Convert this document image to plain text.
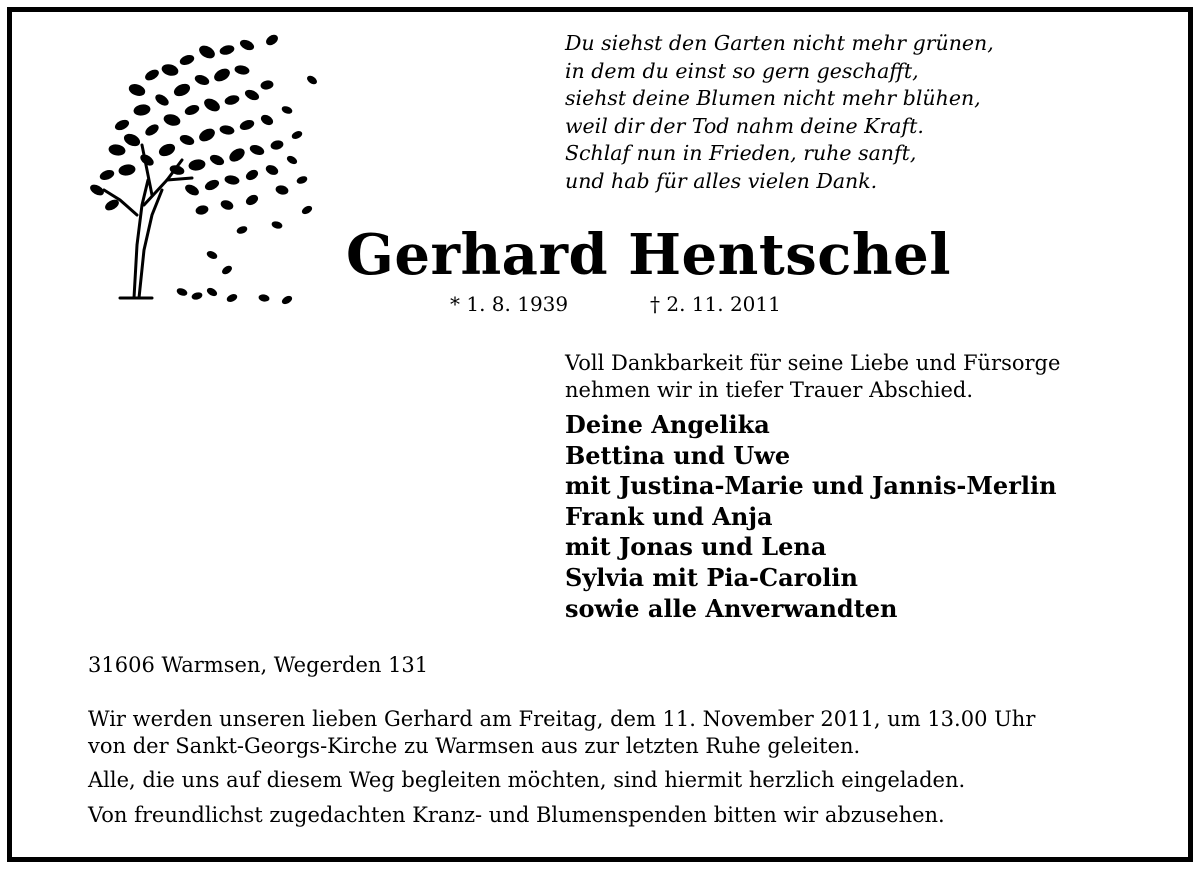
Du siehst den Garten nicht mehr grünen,
in dem du einst so gern geschafft,
siehst deine Blumen nicht mehr blühen,
weil dir der Tod nahm deine Kraft.
Schlaf nun in Frieden, ruhe sanft,
und hab für alles vielen Dank.
Gerhard Hentschel
* 1. 8. 1939	† 2. 11. 2011
Voll Dankbarkeit für seine Liebe und Fürsorge
nehmen wir in tiefer Trauer Abschied.
Deine Angelika
Bettina und Uwe
mit Justina-Marie und Jannis-Merlin
Frank und Anja
mit Jonas und Lena
Sylvia mit Pia-Carolin
sowie alle Anverwandten
31606 Warmsen, Wegerden 131
Wir werden unseren lieben Gerhard am Freitag, dem 11. November 2011, um 13.00 Uhr
von der Sankt-Georgs-Kirche zu Warmsen aus zur letzten Ruhe geleiten.
Alle, die uns auf diesem Weg begleiten möchten, sind hiermit herzlich eingeladen.
Von freundlichst zugedachten Kranz- und Blumenspenden bitten wir abzusehen.
